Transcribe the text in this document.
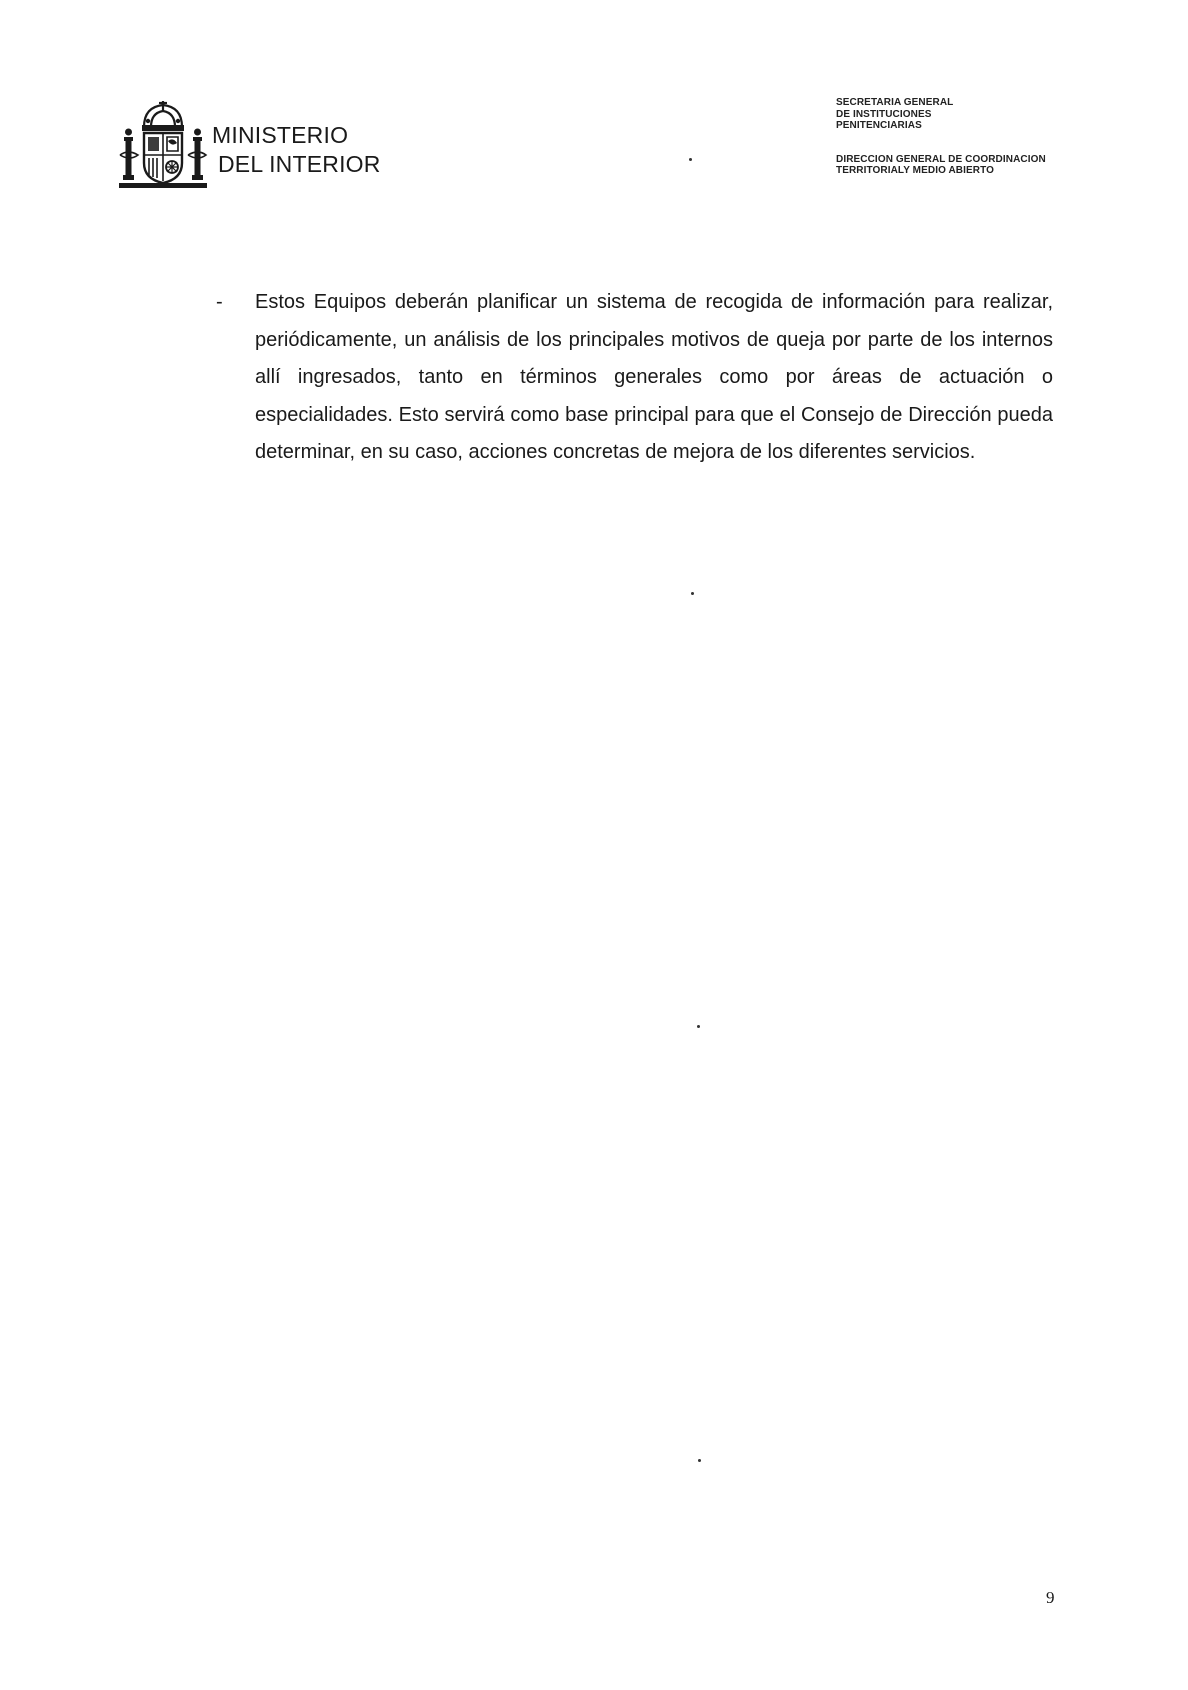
MINISTERIO
DEL INTERIOR
SECRETARIA GENERAL
DE INSTITUCIONES
PENITENCIARIAS
DIRECCION GENERAL DE COORDINACION
TERRITORIALY MEDIO ABIERTO
- Estos Equipos deberán planificar un sistema de recogida de información para realizar, periódicamente, un análisis de los principales motivos de queja por parte de los internos allí ingresados, tanto en términos generales como por áreas de actuación o especialidades. Esto servirá como base principal para que el Consejo de Dirección pueda determinar, en su caso, acciones concretas de mejora de los diferentes servicios.
9
